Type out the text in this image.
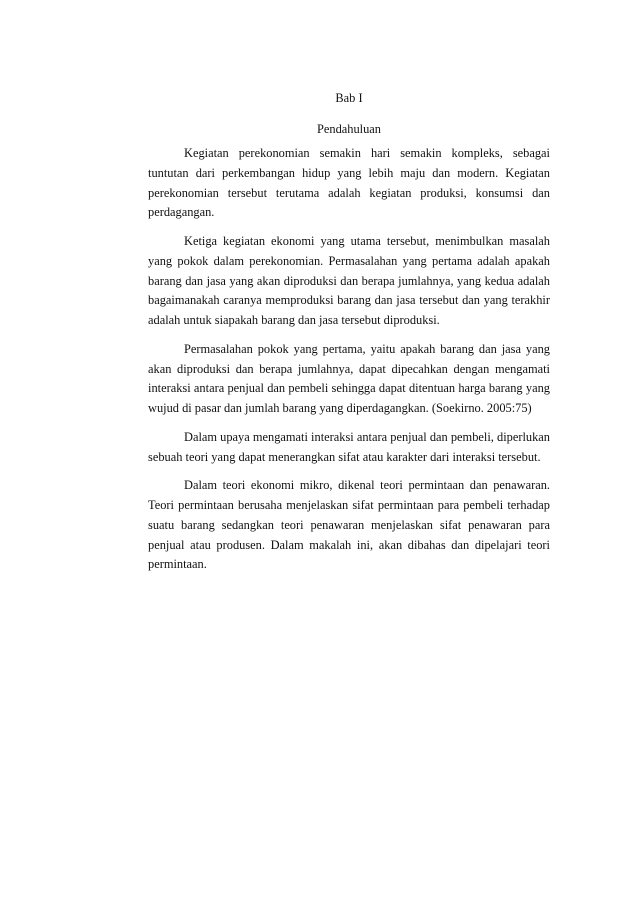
Bab I
Pendahuluan

Kegiatan perekonomian semakin hari semakin kompleks, sebagai tuntutan dari perkembangan hidup yang lebih maju dan modern. Kegiatan perekonomian tersebut terutama adalah kegiatan produksi, konsumsi dan perdagangan.

Ketiga kegiatan ekonomi yang utama tersebut, menimbulkan masalah yang pokok dalam perekonomian. Permasalahan yang pertama adalah apakah barang dan jasa yang akan diproduksi dan berapa jumlahnya, yang kedua adalah bagaimanakah caranya memproduksi barang dan jasa tersebut dan yang terakhir adalah untuk siapakah barang dan jasa tersebut diproduksi.

Permasalahan pokok yang pertama, yaitu apakah barang dan jasa yang akan diproduksi dan berapa jumlahnya, dapat dipecahkan dengan mengamati interaksi antara penjual dan pembeli sehingga dapat ditentuan harga barang yang wujud di pasar dan jumlah barang yang diperdagangkan. (Soekirno. 2005:75)

Dalam upaya mengamati interaksi antara penjual dan pembeli, diperlukan sebuah teori yang dapat menerangkan sifat atau karakter dari interaksi tersebut.

Dalam teori ekonomi mikro, dikenal teori permintaan dan penawaran. Teori permintaan berusaha menjelaskan sifat permintaan para pembeli terhadap suatu barang sedangkan teori penawaran menjelaskan sifat penawaran para penjual atau produsen. Dalam makalah ini, akan dibahas dan dipelajari teori permintaan.
